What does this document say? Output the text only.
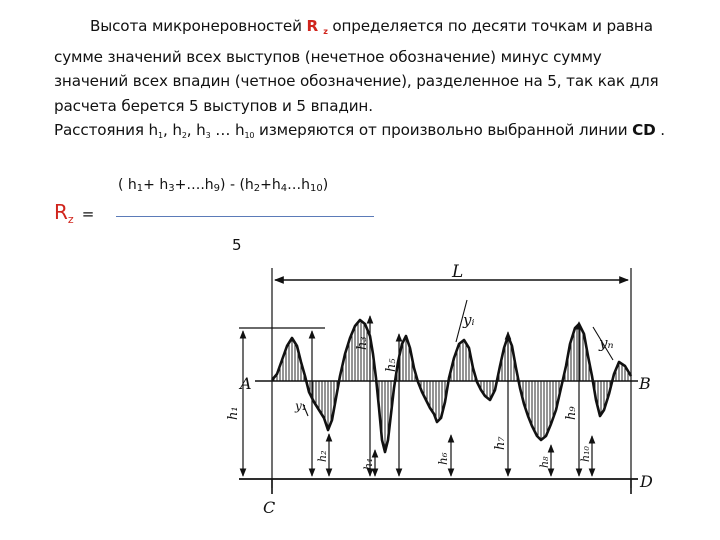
Высота микронеровностей R z определяется по десяти точкам и равна сумме значений всех выступов (нечетное обозначение) минус сумму значений всех впадин (четное обозначение), разделенное на 5, так как для расчета берется 5 выступов и 5 впадин.

Расстояния h1, h2, h3 … h10 измеряются от произвольно выбранной линии CD .

( h1+ h3+….h9) - (h2+h4…h10)
$R_z$ =
5
A	B
C
D
L
yᵢ
yₙ
y₁
h₁
h₂
h₃
h₄
h₅
h₆
h₇
h₈
h₉
h₁₀
